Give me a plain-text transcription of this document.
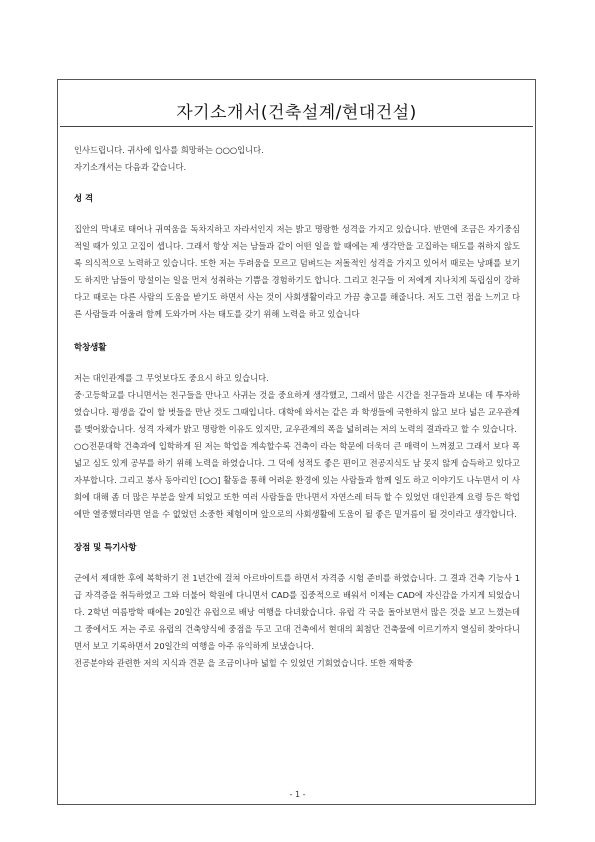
자기소개서(건축설계/현대건설)

인사드립니다. 귀사에 입사를 희망하는 ○○○입니다.

자기소개서는 다음과 같습니다.

성 격

집안의 막내로 태어나 귀여움을 독차지하고 자라서인지 저는 밝고 명랑한 성격을 가지고 있습니다. 반면에 조금은 자기중심적일 때가 있고 고집이 셉니다. 그래서 항상 저는 남들과 같이 어떤 일을 할 때에는 제 생각만을 고집하는 태도를 취하지 않도록 의식적으로 노력하고 있습니다. 또한 저는 두려움을 모르고 덤벼드는 저돌적인 성격을 가지고 있어서 때로는 낭패를 보기도 하지만 남들이 망설이는 일을 먼저 성취하는 기쁨을 경험하기도 합니다. 그리고 친구들 이 저에게 지나치게 독립심이 강하다고 때로는 다른 사람의 도움을 받기도 하면서 사는 것이 사회생활이라고 가끔 충고를 해줍니다. 저도 그런 점을 느끼고 다른 사람들과 어울려 함께 도와가며 사는 태도를 갖기 위해 노력을 하고 있습니다

학창생활

저는 대인관계를 그 무엇보다도 중요시 하고 있습니다.

중·고등학교를 다니면서는 친구들을 만나고 사귀는 것을 중요하게 생각했고, 그래서 많은 시간을 친구들과 보내는 데 투자하였습니다. 평생을 같이 할 벗들을 만난 것도 그때입니다. 대학에 와서는 같은 과 학생들에 국한하지 않고 보다 넓은 교우관계를 맺어왔습니다. 성격 자체가 밝고 명랑한 이유도 있지만, 교우관계의 폭을 넓히려는 저의 노력의 결과라고 할 수 있습니다.

○○전문대학 건축과에 입학하게 된 저는 학업을 계속할수록 건축이 라는 학문에 더욱더 큰 매력이 느껴졌고 그래서 보다 폭넓고 심도 있게 공부를 하기 위해 노력을 하였습니다. 그 덕에 성적도 좋은 편이고 전공지식도 남 못지 않게 습득하고 있다고 자부합니다. 그리고 봉사 동아리인 [○○] 활동을 통해 어려운 환경에 있는 사람들과 함께 일도 하고 이야기도 나누면서 이 사회에 대해 좀 더 많은 부분을 알게 되었고 또한 여러 사람들을 만나면서 자연스레 터득 할 수 있었던 대인관계 요령 등은 학업에만 열중했더라면 얻을 수 없었던 소중한 체험이며 앞으로의 사회생활에 도움이 될 좋은 밑거름이 될 것이라고 생각합니다.

장점 및 특기사항

군에서 제대한 후에 복학하기 전 1년간에 걸쳐 아르바이트를 하면서 자격증 시험 준비를 하였습니다. 그 결과 건축 기능사 1급 자격증을 취득하였고 그와 더불어 학원에 다니면서 CAD를 집중적으로 배워서 이제는 CAD에 자신감을 가지게 되었습니다. 2학년 여름방학 때에는 20일간 유럽으로 배낭 여행을 다녀왔습니다. 유럽 각 국을 돌아보면서 많은 것을 보고 느꼈는데 그 중에서도 저는 주로 유럽의 건축양식에 중점을 두고 고대 건축에서 현대의 최첨단 건축물에 이르기까지 열심히 찾아다니면서 보고 기록하면서 20일간의 여행을 아주 유익하게 보냈습니다.

전공분야와 관련한 저의 지식과 견문 을 조금이나마 넓힐 수 있었던 기회였습니다. 또한 재학중

- 1 -
